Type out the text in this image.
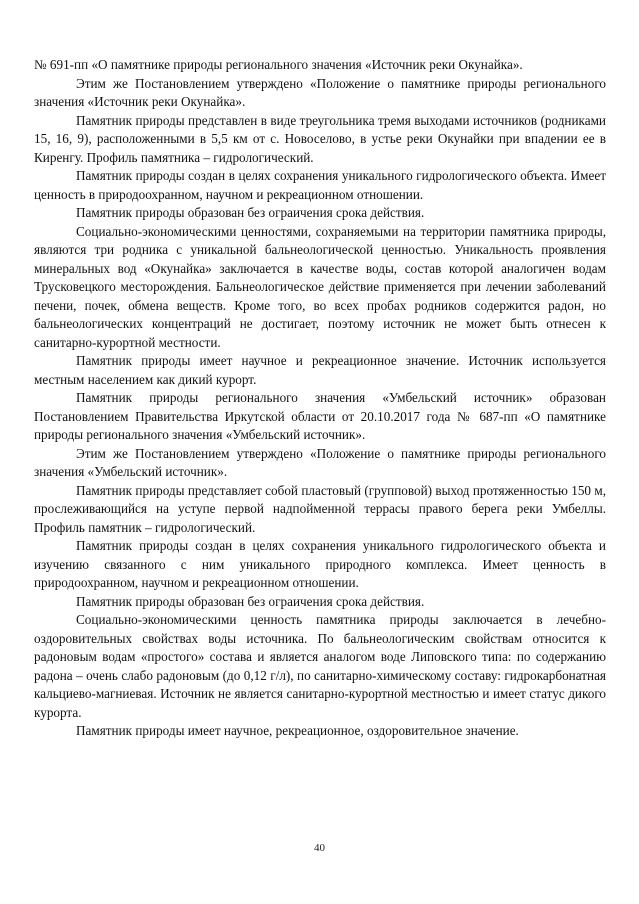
№ 691-пп «О памятнике природы регионального значения «Источник реки Окунайка».

Этим же Постановлением утверждено «Положение о памятнике природы регионального значения «Источник реки Окунайка».

Памятник природы представлен в виде треугольника тремя выходами источников (родниками 15, 16, 9), расположенными в 5,5 км от с. Новоселово, в устье реки Окунайки при впадении ее в Киренгу. Профиль памятника – гидрологический.

Памятник природы создан в целях сохранения уникального гидрологического объекта. Имеет ценность в природоохранном, научном и рекреационном отношении.

Памятник природы образован без ограичения срока действия.

Социально-экономическими ценностями, сохраняемыми на территории памятника природы, являются три родника с уникальной бальнеологической ценностью. Уникальность проявления минеральных вод «Окунайка» заключается в качестве воды, состав которой аналогичен водам Трусковецкого месторождения. Бальнеологическое действие применяется при лечении заболеваний печени, почек, обмена веществ. Кроме того, во всех пробах родников содержится радон, но бальнеологических концентраций не достигает, поэтому источник не может быть отнесен к санитарно-курортной местности.

Памятник природы имеет научное и рекреационное значение. Источник используется местным населением как дикий курорт.

Памятник природы регионального значения «Умбельский источник» образован Постановлением Правительства Иркутской области от 20.10.2017 года № 687-пп «О памятнике природы регионального значения «Умбельский источник».

Этим же Постановлением утверждено «Положение о памятнике природы регионального значения «Умбельский источник».

Памятник природы представляет собой пластовый (групповой) выход протяженностью 150 м, прослеживающийся на уступе первой надпойменной террасы правого берега реки Умбеллы. Профиль памятник – гидрологический.

Памятник природы создан в целях сохранения уникального гидрологического объекта и изучению связанного с ним уникального природного комплекса. Имеет ценность в природоохранном, научном и рекреационном отношении.

Памятник природы образован без ограичения срока действия.

Социально-экономическими ценность памятника природы заключается в лечебно-оздоровительных свойствах воды источника. По бальнеологическим свойствам относится к радоновым водам «простого» состава и является аналогом воде Липовского типа: по содержанию радона – очень слабо радоновым (до 0,12 г/л), по санитарно-химическому составу: гидрокарбонатная кальциево-магниевая. Источник не является санитарно-курортной местностью и имеет статус дикого курорта.

Памятник природы имеет научное, рекреационное, оздоровительное значение.

40
